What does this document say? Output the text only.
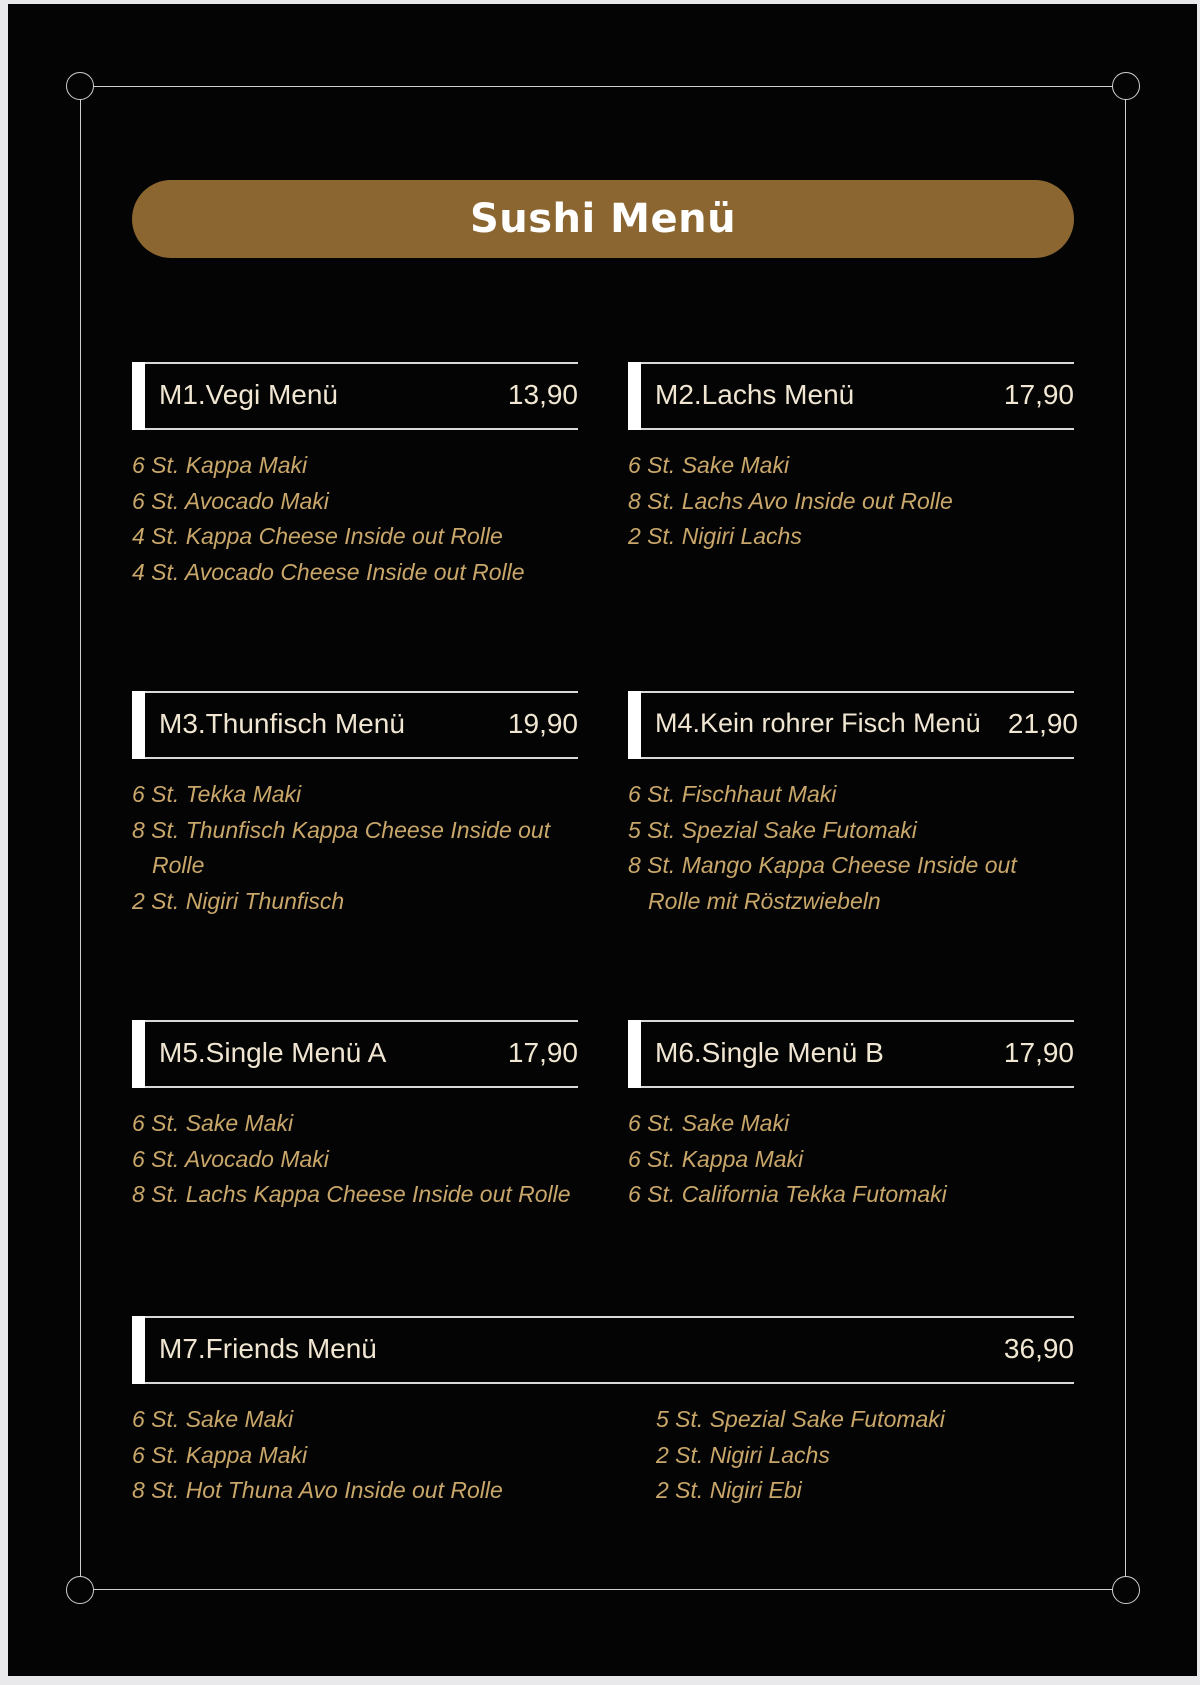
Sushi Menü
M1.Vegi Menü	13,90
6 St. Kappa Maki
6 St. Avocado Maki
4 St. Kappa Cheese Inside out Rolle
4 St. Avocado Cheese Inside out Rolle
M2.Lachs Menü	17,90
6 St. Sake Maki
8 St. Lachs Avo Inside out Rolle
2 St. Nigiri Lachs
M3.Thunfisch Menü	19,90
6 St. Tekka Maki
8 St. Thunfisch Kappa Cheese Inside out
Rolle
2 St. Nigiri Thunfisch
M4.Kein rohrer Fisch Menü 21,90
6 St. Fischhaut Maki
5 St. Spezial Sake Futomaki
8 St. Mango Kappa Cheese Inside out
Rolle mit Röstzwiebeln
M5.Single Menü A	17,90
6 St. Sake Maki
6 St. Avocado Maki
8 St. Lachs Kappa Cheese Inside out Rolle
M6.Single Menü B	17,90
6 St. Sake Maki
6 St. Kappa Maki
6 St. California Tekka Futomaki
M7.Friends Menü	36,90
6 St. Sake Maki
6 St. Kappa Maki
8 St. Hot Thuna Avo Inside out Rolle
5 St. Spezial Sake Futomaki
2 St. Nigiri Lachs
2 St. Nigiri Ebi
